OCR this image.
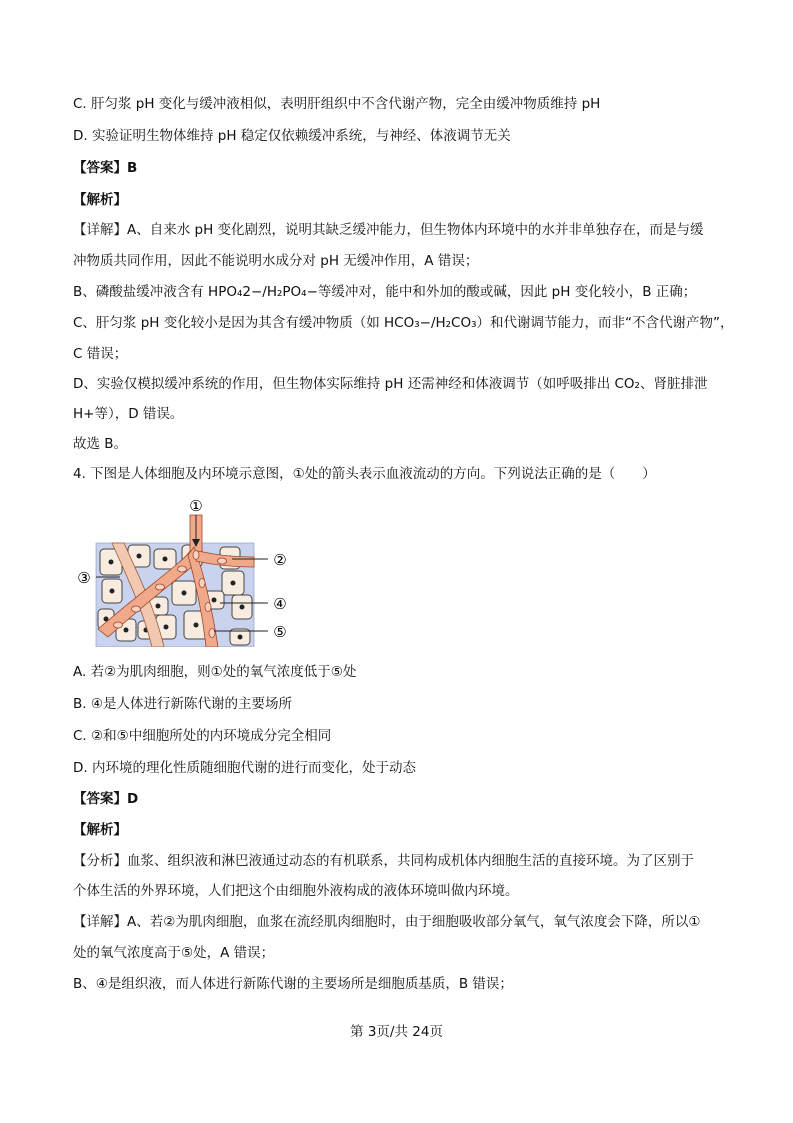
C. 肝匀浆 pH 变化与缓冲液相似，表明肝组织中不含代谢产物，完全由缓冲物质维持 pH
D. 实验证明生物体维持 pH 稳定仅依赖缓冲系统，与神经、体液调节无关
【答案】B
【解析】
【详解】A、自来水 pH 变化剧烈，说明其缺乏缓冲能力，但生物体内环境中的水并非单独存在，而是与缓
冲物质共同作用，因此不能说明水成分对 pH 无缓冲作用，A 错误；
B、磷酸盐缓冲液含有 HPO₄2−/H₂PO₄−等缓冲对，能中和外加的酸或碱，因此 pH 变化较小，B 正确；
C、肝匀浆 pH 变化较小是因为其含有缓冲物质（如 HCO₃−/H₂CO₃）和代谢调节能力，而非“不含代谢产物”，
C 错误；
D、实验仅模拟缓冲系统的作用，但生物体实际维持 pH 还需神经和体液调节（如呼吸排出 CO₂、肾脏排泄
H+等），D 错误。
故选 B。
4. 下图是人体细胞及内环境示意图，①处的箭头表示血液流动的方向。下列说法正确的是（　　）
①
②
③
④
⑤
A. 若②为肌肉细胞，则①处的氧气浓度低于⑤处
B. ④是人体进行新陈代谢的主要场所
C. ②和⑤中细胞所处的内环境成分完全相同
D. 内环境的理化性质随细胞代谢的进行而变化，处于动态
【答案】D
【解析】
【分析】血浆、组织液和淋巴液通过动态的有机联系，共同构成机体内细胞生活的直接环境。为了区别于
个体生活的外界环境，人们把这个由细胞外液构成的液体环境叫做内环境。
【详解】A、若②为肌肉细胞，血浆在流经肌肉细胞时，由于细胞吸收部分氧气，氧气浓度会下降，所以①
处的氧气浓度高于⑤处，A 错误；
B、④是组织液，而人体进行新陈代谢的主要场所是细胞质基质，B 错误；
第 3页/共 24页
